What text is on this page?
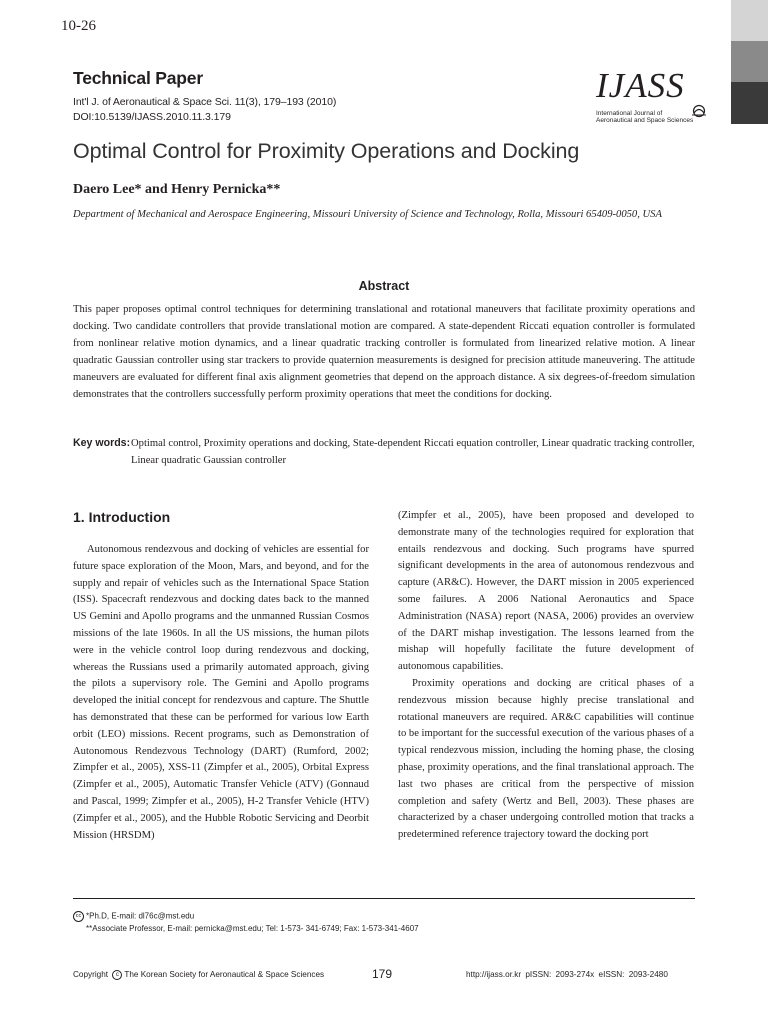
10-26
Technical Paper
Int'l J. of Aeronautical & Space Sci. 11(3), 179–193 (2010)
DOI:10.5139/IJASS.2010.11.3.179
IJASS
International Journal of
Aeronautical and Space Sciences
Optimal Control for Proximity Operations and Docking
Daero Lee* and Henry Pernicka**
Department of Mechanical and Aerospace Engineering, Missouri University of Science and Technology, Rolla, Missouri 65409-0050, USA
Abstract
This paper proposes optimal control techniques for determining translational and rotational maneuvers that facilitate proximity operations and docking. Two candidate controllers that provide translational motion are compared. A state-dependent Riccati equation controller is formulated from nonlinear relative motion dynamics, and a linear quadratic tracking controller is formulated from linearized relative motion. A linear quadratic Gaussian controller using star trackers to provide quaternion measurements is designed for precision attitude maneuvering. The attitude maneuvers are evaluated for different final axis alignment geometries that depend on the approach distance. A six degrees-of-freedom simulation demonstrates that the controllers successfully perform proximity operations that meet the conditions for docking.
Key words: Optimal control, Proximity operations and docking, State-dependent Riccati equation controller, Linear quadratic tracking controller, Linear quadratic Gaussian controller
1. Introduction

Autonomous rendezvous and docking of vehicles are essential for future space exploration of the Moon, Mars, and beyond, and for the supply and repair of vehicles such as the International Space Station (ISS). Spacecraft rendezvous and docking dates back to the manned US Gemini and Apollo programs and the unmanned Russian Cosmos missions of the late 1960s. In all the US missions, the human pilots were in the vehicle control loop during rendezvous and docking, whereas the Russians used a primarily automated approach, giving the pilots a supervisory role. The Gemini and Apollo programs developed the initial concept for rendezvous and capture. The Shuttle has demonstrated that these can be performed for various low Earth orbit (LEO) missions. Recent programs, such as Demonstration of Autonomous Rendezvous Technology (DART) (Rumford, 2002; Zimpfer et al., 2005), XSS-11 (Zimpfer et al., 2005), Orbital Express (Zimpfer et al., 2005), Automatic Transfer Vehicle (ATV) (Gonnaud and Pascal, 1999; Zimpfer et al., 2005), H-2 Transfer Vehicle (HTV) (Zimpfer et al., 2005), and the Hubble Robotic Servicing and Deorbit Mission (HRSDM)

(Zimpfer et al., 2005), have been proposed and developed to demonstrate many of the technologies required for exploration that entails rendezvous and docking. Such programs have spurred significant developments in the area of autonomous rendezvous and capture (AR&C). However, the DART mission in 2005 experienced some failures. A 2006 National Aeronautics and Space Administration (NASA) report (NASA, 2006) provides an overview of the DART mishap investigation. The lessons learned from the mishap will hopefully facilitate the future development of autonomous capabilities.

Proximity operations and docking are critical phases of a rendezvous mission because highly precise translational and rotational maneuvers are required. AR&C capabilities will continue to be important for the successful execution of the various phases of a typical rendezvous mission, including the homing phase, the closing phase, proximity operations, and the final translational approach. The last two phases are critical from the perspective of mission completion and safety (Wertz and Bell, 2003). These phases are characterized by a chaser undergoing controlled motion that tracks a predetermined reference trajectory toward the docking port

cc *Ph.D, E-mail: dl76c@mst.edu
**Associate Professor, E-mail: pernicka@mst.edu; Tel: 1-573- 341-6749; Fax: 1-573-341-4607
Copyright c The Korean Society for Aeronautical & Space Sciences	179	http://ijass.or.kr pISSN: 2093-274x eISSN: 2093-2480
